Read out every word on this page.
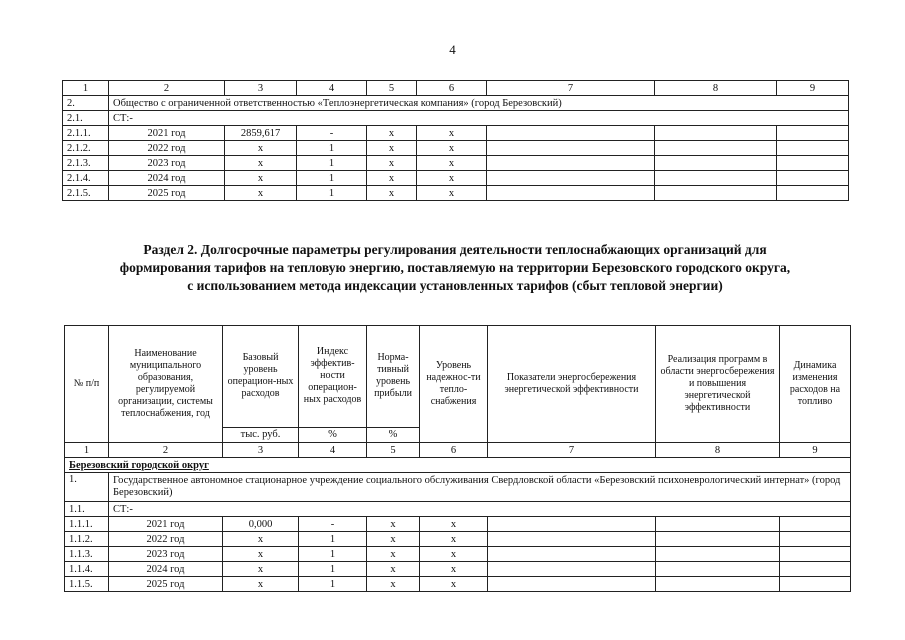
4
1	2	3	4	5	6	7	8	9
2.	Общество с ограниченной ответственностью «Теплоэнергетическая компания» (город Березовский)							
2.1.	СТ:-							
2.1.1.	2021 год	2859,617	-	х	х			
2.1.2.	2022 год	х	1	х	х			
2.1.3.	2023 год	х	1	х	х			
2.1.4.	2024 год	х	1	х	х			
2.1.5.	2025 год	х	1	х	х			
Раздел 2. Долгосрочные параметры регулирования деятельности теплоснабжающих организаций для
формирования тарифов на тепловую энергию, поставляемую на территории Березовского городского округа,
с использованием метода индексации установленных тарифов (сбыт тепловой энергии)
№ п/п	Наименование муниципального образования, регулируемой организации, системы теплоснабжения, год	Базовый уровень операцион-ных расходов	Индекс эффектив-ности операцион-ных расходов	Норма-тивный уровень прибыли	Уровень надежнос-ти тепло-снабжения	Показатели энергосбережения энергетической эффективности	Реализация программ в области энергосбережения и повышения энергетической эффективности	Динамика изменения расходов на топливо
		тыс. руб.	%	%				
1	2	3	4	5	6	7	8	9
Березовский городской округ								
1.	Государственное автономное стационарное учреждение социального обслуживания Свердловской области «Березовский психоневрологический интернат» (город Березовский)							
1.1.	СТ:-							
1.1.1.	2021 год	0,000	-	х	х			
1.1.2.	2022 год	х	1	х	х			
1.1.3.	2023 год	х	1	х	х			
1.1.4.	2024 год	х	1	х	х			
1.1.5.	2025 год	х	1	х	х			
